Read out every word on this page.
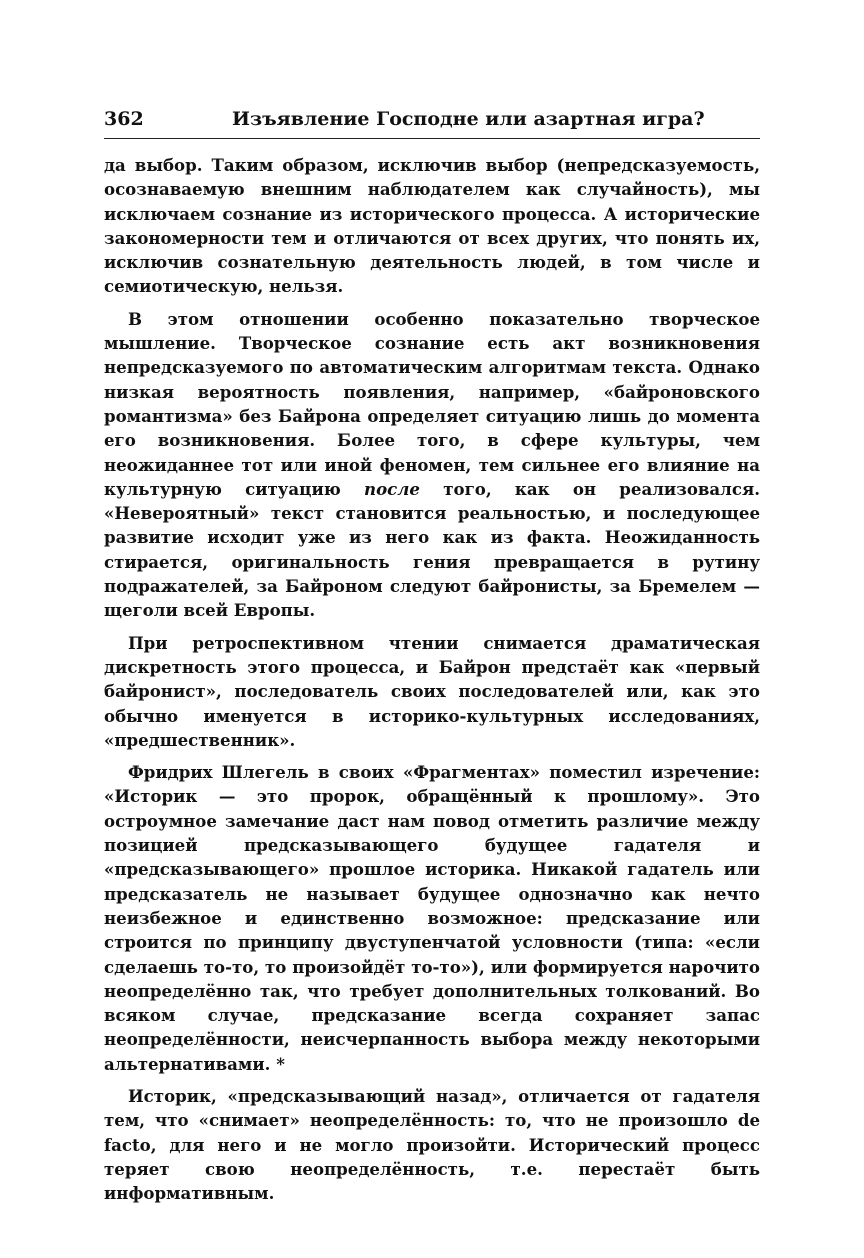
362	Изъявление Господне или азартная игра?

да выбор. Таким образом, исключив выбор (непредсказуемость, осознаваемую внешним наблюдателем как случайность), мы исключаем сознание из исторического процесса. А исторические закономерности тем и отличаются от всех других, что понять их, исключив сознательную деятельность людей, в том числе и семиотическую, нельзя.

В этом отношении особенно показательно творческое мышление. Творческое сознание есть акт возникновения непредсказуемого по автоматическим алгоритмам текста. Однако низкая вероятность появления, например, «байроновского романтизма» без Байрона определяет ситуацию лишь до момента его возникновения. Более того, в сфере культуры, чем неожиданнее тот или иной феномен, тем сильнее его влияние на культурную ситуацию после того, как он реализовался. «Невероятный» текст становится реальностью, и последующее развитие исходит уже из него как из факта. Неожиданность стирается, оригинальность гения превращается в рутину подражателей, за Байроном следуют байронисты, за Бремелем — щеголи всей Европы.

При ретроспективном чтении снимается драматическая дискретность этого процесса, и Байрон предстаёт как «первый байронист», последователь своих последователей или, как это обычно именуется в историко-культурных исследованиях, «предшественник».

Фридрих Шлегель в своих «Фрагментах» поместил изречение: «Историк — это пророк, обращённый к прошлому». Это остроумное замечание даст нам повод отметить различие между позицией предсказывающего будущее гадателя и «предсказывающего» прошлое историка. Никакой гадатель или предсказатель не называет будущее однозначно как нечто неизбежное и единственно возможное: предсказание или строится по принципу двуступенчатой условности (типа: «если сделаешь то-то, то произойдёт то-то»), или формируется нарочито неопределённо так, что требует дополнительных толкований. Во всяком случае, предсказание всегда сохраняет запас неопределённости, неисчерпанность выбора между некоторыми альтернативами. *

Историк, «предсказывающий назад», отличается от гадателя тем, что «снимает» неопределённость: то, что не произошло de facto, для него и не могло произойти. Исторический процесс теряет свою неопределённость, т.е. перестаёт быть информативным.
